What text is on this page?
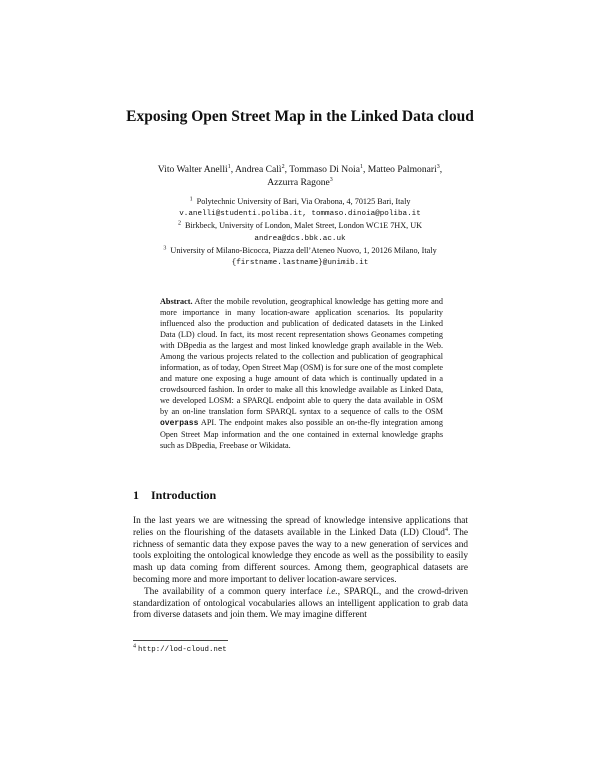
Exposing Open Street Map in the Linked Data cloud
Vito Walter Anelli$^1$, Andrea Calì$^2$, Tommaso Di Noia$^1$, Matteo Palmonari$^3$,
Azzurra Ragone$^3$
$^1$ Polytechnic University of Bari, Via Orabona, 4, 70125 Bari, Italy
v.anelli@studenti.poliba.it, tommaso.dinoia@poliba.it
$^2$ Birkbeck, University of London, Malet Street, London WC1E 7HX, UK
andrea@dcs.bbk.ac.uk
$^3$ University of Milano-Bicocca, Piazza dell’Ateneo Nuovo, 1, 20126 Milano, Italy
{firstname.lastname}@unimib.it
Abstract. After the mobile revolution, geographical knowledge has getting more and more importance in many location-aware application scenarios. Its popularity influenced also the production and publication of dedicated datasets in the Linked Data (LD) cloud. In fact, its most recent representation shows Geonames competing with DBpedia as the largest and most linked knowledge graph available in the Web. Among the various projects related to the collection and publication of geographical information, as of today, Open Street Map (OSM) is for sure one of the most complete and mature one exposing a huge amount of data which is continually updated in a crowdsourced fashion. In order to make all this knowledge available as Linked Data, we developed LOSM: a SPARQL endpoint able to query the data available in OSM by an on-line translation form SPARQL syntax to a sequence of calls to the OSM overpass API. The endpoint makes also possible an on-the-fly integration among Open Street Map information and the one contained in external knowledge graphs such as DBpedia, Freebase or Wikidata.
1 Introduction

In the last years we are witnessing the spread of knowledge intensive applications that relies on the flourishing of the datasets available in the Linked Data (LD) Cloud$^4$. The richness of semantic data they expose paves the way to a new generation of services and tools exploiting the ontological knowledge they encode as well as the possibility to easily mash up data coming from different sources. Among them, geographical datasets are becoming more and more important to deliver location-aware services.

The availability of a common query interface i.e., SPARQL, and the crowd-driven standardization of ontological vocabularies allows an intelligent application to grab data from diverse datasets and join them. We may imagine different

$^4$ http://lod-cloud.net
